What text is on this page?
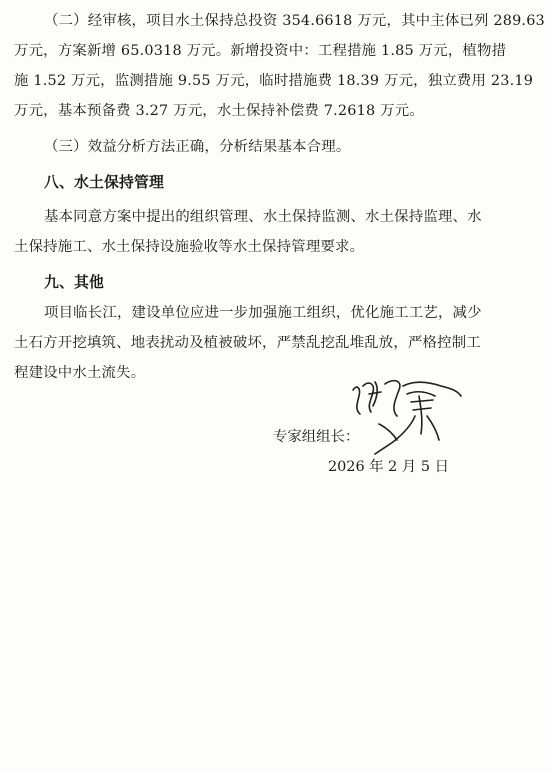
（二）经审核，项目水土保持总投资 354.6618 万元，其中主体已列 289.63
万元，方案新增 65.0318 万元。新增投资中：工程措施 1.85 万元，植物措
施 1.52 万元，监测措施 9.55 万元，临时措施费 18.39 万元，独立费用 23.19
万元，基本预备费 3.27 万元，水土保持补偿费 7.2618 万元。
（三）效益分析方法正确，分析结果基本合理。
八、水土保持管理
基本同意方案中提出的组织管理、水土保持监测、水土保持监理、水
土保持施工、水土保持设施验收等水土保持管理要求。
九、其他
项目临长江，建设单位应进一步加强施工组织，优化施工工艺，减少
土石方开挖填筑、地表扰动及植被破坏，严禁乱挖乱堆乱放，严格控制工
程建设中水土流失。
专家组组长：
2026 年 2 月 5 日
